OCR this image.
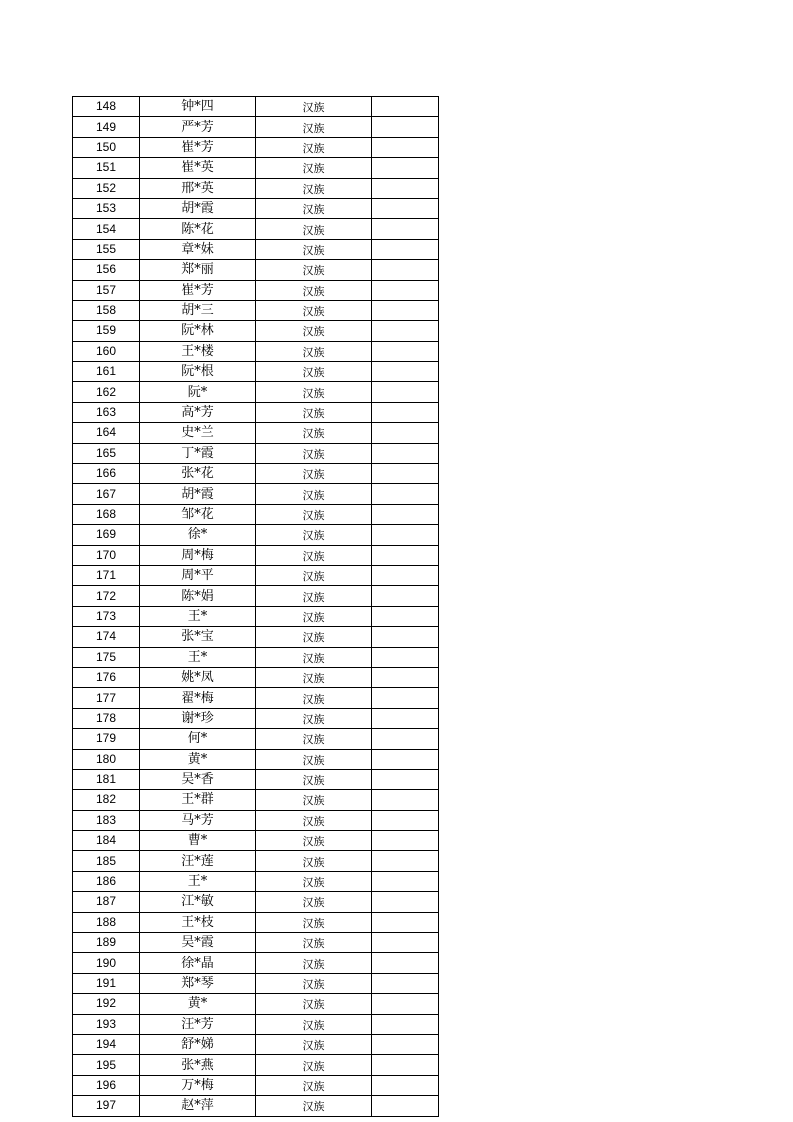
148	钟*四	汉族	
149	严*芳	汉族	
150	崔*芳	汉族	
151	崔*英	汉族	
152	邢*英	汉族	
153	胡*霞	汉族	
154	陈*花	汉族	
155	章*妹	汉族	
156	郑*丽	汉族	
157	崔*芳	汉族	
158	胡*三	汉族	
159	阮*林	汉族	
160	王*楼	汉族	
161	阮*根	汉族	
162	阮*	汉族	
163	高*芳	汉族	
164	史*兰	汉族	
165	丁*霞	汉族	
166	张*花	汉族	
167	胡*霞	汉族	
168	邹*花	汉族	
169	徐*	汉族	
170	周*梅	汉族	
171	周*平	汉族	
172	陈*娟	汉族	
173	王*	汉族	
174	张*宝	汉族	
175	王*	汉族	
176	姚*凤	汉族	
177	翟*梅	汉族	
178	谢*珍	汉族	
179	何*	汉族	
180	黄*	汉族	
181	吴*香	汉族	
182	王*群	汉族	
183	马*芳	汉族	
184	曹*	汉族	
185	汪*莲	汉族	
186	王*	汉族	
187	江*敏	汉族	
188	王*枝	汉族	
189	吴*霞	汉族	
190	徐*晶	汉族	
191	郑*琴	汉族	
192	黄*	汉族	
193	汪*芳	汉族	
194	舒*娣	汉族	
195	张*燕	汉族	
196	万*梅	汉族	
197	赵*萍	汉族	
